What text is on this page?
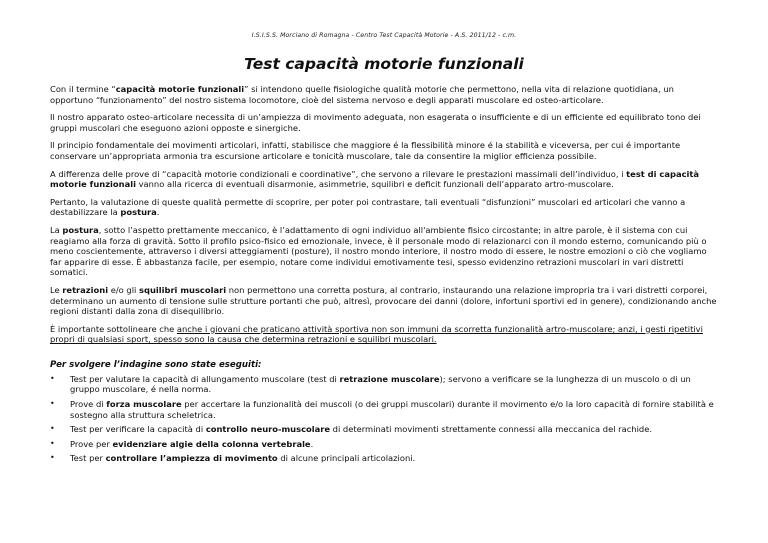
I.S.I.S.S. Morciano di Romagna - Centro Test Capacità Motorie - A.S. 2011/12 - c.m.
Test capacità motorie funzionali

Con il termine “capacità motorie funzionali” si intendono quelle fisiologiche qualità motorie che permettono, nella vita di relazione quotidiana, un opportuno “funzionamento” del nostro sistema locomotore, cioè del sistema nervoso e degli apparati muscolare ed osteo-articolare.

Il nostro apparato osteo-articolare necessita di un’ampiezza di movimento adeguata, non esagerata o insufficiente e di un efficiente ed equilibrato tono dei gruppi muscolari che eseguono azioni opposte e sinergiche.

Il principio fondamentale dei movimenti articolari, infatti, stabilisce che maggiore é la flessibilità minore é la stabilità e viceversa, per cui é importante conservare un’appropriata armonia tra escursione articolare e tonicità muscolare, tale da consentire la miglior efficienza possibile.

A differenza delle prove di “capacità motorie condizionali e coordinative”, che servono a rilevare le prestazioni massimali dell’individuo, i test di capacità motorie funzionali vanno alla ricerca di eventuali disarmonie, asimmetrie, squilibri e deficit funzionali dell’apparato artro-muscolare.

Pertanto, la valutazione di queste qualità permette di scoprire, per poter poi contrastare, tali eventuali “disfunzioni” muscolari ed articolari che vanno a destabilizzare la postura.

La postura, sotto l’aspetto prettamente meccanico, è l’adattamento di ogni individuo all'ambiente fisico circostante; in altre parole, è il sistema con cui reagiamo alla forza di gravità. Sotto il profilo psico-fisico ed emozionale, invece, è il personale modo di relazionarci con il mondo esterno, comunicando più o meno coscientemente, attraverso i diversi atteggiamenti (posture), il nostro mondo interiore, il nostro modo di essere, le nostre emozioni o ciò che vogliamo far apparire di esse. È abbastanza facile, per esempio, notare come individui emotivamente tesi, spesso evidenzino retrazioni muscolari in vari distretti somatici.

Le retrazioni e/o gli squilibri muscolari non permettono una corretta postura, al contrario, instaurando una relazione impropria tra i vari distretti corporei, determinano un aumento di tensione sulle strutture portanti che può, altresì, provocare dei danni (dolore, infortuni sportivi ed in genere), condizionando anche regioni distanti dalla zona di disequilibrio.

È importante sottolineare che anche i giovani che praticano attività sportiva non son immuni da scorretta funzionalità artro-muscolare; anzi, i gesti ripetitivi propri di qualsiasi sport, spesso sono la causa che determina retrazioni e squilibri muscolari.

Per svolgere l’indagine sono state eseguiti:
• Test per valutare la capacità di allungamento muscolare (test di retrazione muscolare); servono a verificare se la lunghezza di un muscolo o di un gruppo muscolare, é nella norma.
• Prove di forza muscolare per accertare la funzionalità dei muscoli (o dei gruppi muscolari) durante il movimento e/o la loro capacità di fornire stabilità e sostegno alla struttura scheletrica.
• Test per verificare la capacità di controllo neuro-muscolare di determinati movimenti strettamente connessi alla meccanica del rachide.
• Prove per evidenziare algie della colonna vertebrale.
• Test per controllare l’ampiezza di movimento di alcune principali articolazioni.
